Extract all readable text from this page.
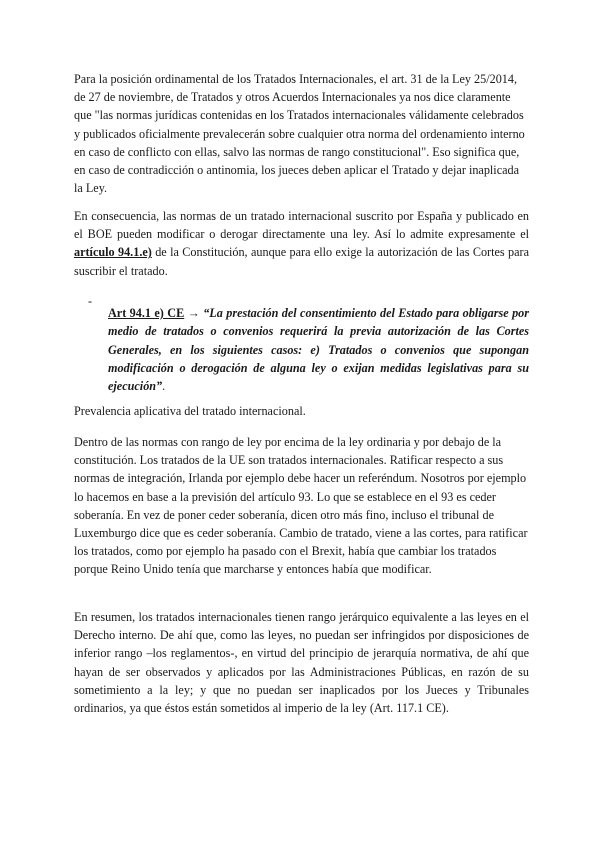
Para la posición ordinamental de los Tratados Internacionales, el art. 31 de la Ley 25/2014, de 27 de noviembre, de Tratados y otros Acuerdos Internacionales ya nos dice claramente que "las normas jurídicas contenidas en los Tratados internacionales válidamente celebrados y publicados oficialmente prevalecerán sobre cualquier otra norma del ordenamiento interno en caso de conflicto con ellas, salvo las normas de rango constitucional". Eso significa que, en caso de contradicción o antinomia, los jueces deben aplicar el Tratado y dejar inaplicada la Ley.

En consecuencia, las normas de un tratado internacional suscrito por España y publicado en el BOE pueden modificar o derogar directamente una ley. Así lo admite expresamente el artículo 94.1.e) de la Constitución, aunque para ello exige la autorización de las Cortes para suscribir el tratado.

-

Art 94.1 e) CE → “La prestación del consentimiento del Estado para obligarse por medio de tratados o convenios requerirá la previa autorización de las Cortes Generales, en los siguientes casos: e) Tratados o convenios que supongan modificación o derogación de alguna ley o exijan medidas legislativas para su ejecución”.

Prevalencia aplicativa del tratado internacional.

Dentro de las normas con rango de ley por encima de la ley ordinaria y por debajo de la constitución. Los tratados de la UE son tratados internacionales. Ratificar respecto a sus normas de integración, Irlanda por ejemplo debe hacer un referéndum. Nosotros por ejemplo lo hacemos en base a la previsión del artículo 93. Lo que se establece en el 93 es ceder soberanía. En vez de poner ceder soberanía, dicen otro más fino, incluso el tribunal de Luxemburgo dice que es ceder soberanía. Cambio de tratado, viene a las cortes, para ratificar los tratados, como por ejemplo ha pasado con el Brexit, había que cambiar los tratados porque Reino Unido tenía que marcharse y entonces había que modificar.

En resumen, los tratados internacionales tienen rango jerárquico equivalente a las leyes en el Derecho interno. De ahí que, como las leyes, no puedan ser infringidos por disposiciones de inferior rango –los reglamentos-, en virtud del principio de jerarquía normativa, de ahí que hayan de ser observados y aplicados por las Administraciones Públicas, en razón de su sometimiento a la ley; y que no puedan ser inaplicados por los Jueces y Tribunales ordinarios, ya que éstos están sometidos al imperio de la ley (Art. 117.1 CE).
